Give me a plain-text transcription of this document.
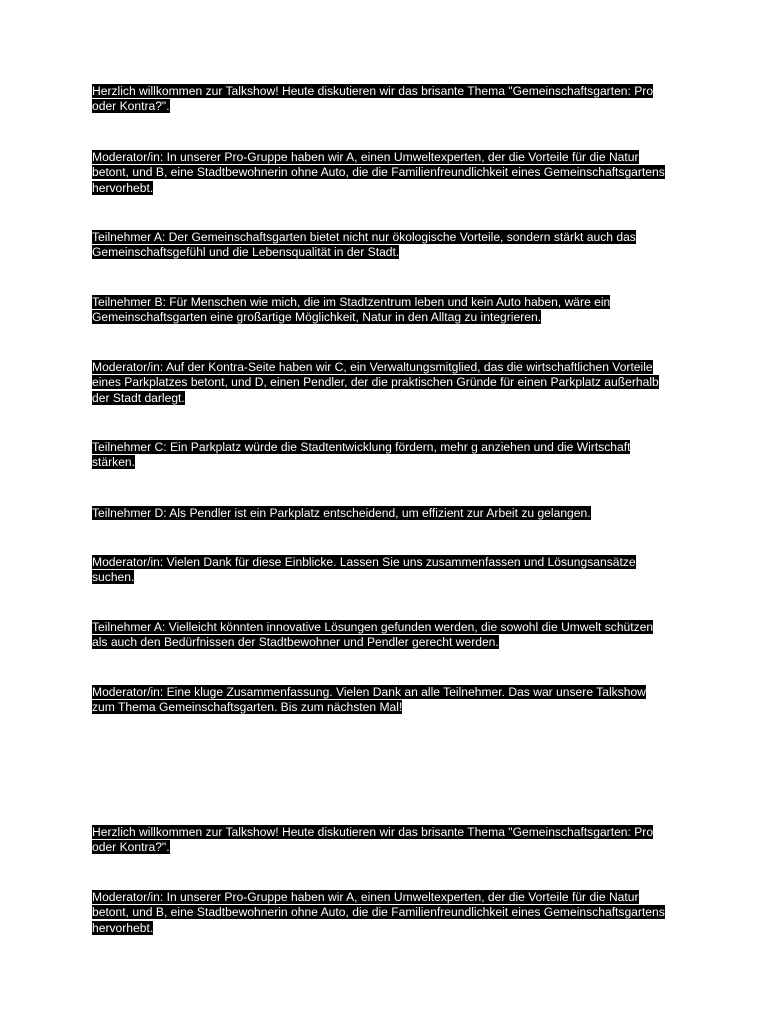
Herzlich willkommen zur Talkshow! Heute diskutieren wir das brisante Thema "Gemeinschaftsgarten: Pro
oder Kontra?".

Moderator/in: In unserer Pro-Gruppe haben wir A, einen Umweltexperten, der die Vorteile für die Natur
betont, und B, eine Stadtbewohnerin ohne Auto, die die Familienfreundlichkeit eines Gemeinschaftsgartens
hervorhebt.

Teilnehmer A: Der Gemeinschaftsgarten bietet nicht nur ökologische Vorteile, sondern stärkt auch das
Gemeinschaftsgefühl und die Lebensqualität in der Stadt.

Teilnehmer B: Für Menschen wie mich, die im Stadtzentrum leben und kein Auto haben, wäre ein
Gemeinschaftsgarten eine großartige Möglichkeit, Natur in den Alltag zu integrieren.

Moderator/in: Auf der Kontra-Seite haben wir C, ein Verwaltungsmitglied, das die wirtschaftlichen Vorteile
eines Parkplatzes betont, und D, einen Pendler, der die praktischen Gründe für einen Parkplatz außerhalb
der Stadt darlegt.

Teilnehmer C: Ein Parkplatz würde die Stadtentwicklung fördern, mehr g anziehen und die Wirtschaft
stärken.

Teilnehmer D: Als Pendler ist ein Parkplatz entscheidend, um effizient zur Arbeit zu gelangen.

Moderator/in: Vielen Dank für diese Einblicke. Lassen Sie uns zusammenfassen und Lösungsansätze
suchen.

Teilnehmer A: Vielleicht könnten innovative Lösungen gefunden werden, die sowohl die Umwelt schützen
als auch den Bedürfnissen der Stadtbewohner und Pendler gerecht werden.

Moderator/in: Eine kluge Zusammenfassung. Vielen Dank an alle Teilnehmer. Das war unsere Talkshow
zum Thema Gemeinschaftsgarten. Bis zum nächsten Mal!

Herzlich willkommen zur Talkshow! Heute diskutieren wir das brisante Thema "Gemeinschaftsgarten: Pro
oder Kontra?".

Moderator/in: In unserer Pro-Gruppe haben wir A, einen Umweltexperten, der die Vorteile für die Natur
betont, und B, eine Stadtbewohnerin ohne Auto, die die Familienfreundlichkeit eines Gemeinschaftsgartens
hervorhebt.
